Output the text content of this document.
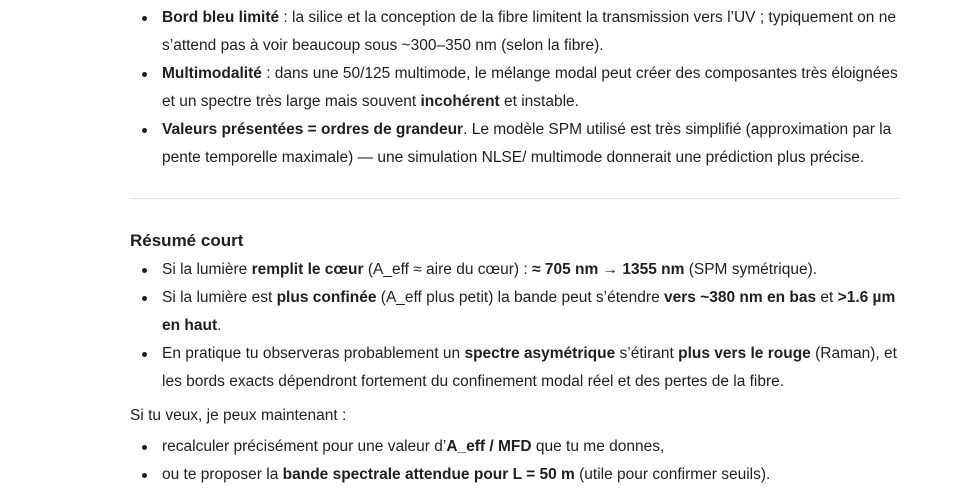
Bord bleu limité : la silice et la conception de la fibre limitent la transmission vers l’UV ; typiquement on ne s’attend pas à voir beaucoup sous ~300–350 nm (selon la fibre).
Multimodalité : dans une 50/125 multimode, le mélange modal peut créer des composantes très éloignées et un spectre très large mais souvent incohérent et instable.
Valeurs présentées = ordres de grandeur. Le modèle SPM utilisé est très simplifié (approximation par la pente temporelle maximale) — une simulation NLSE/ multimode donnerait une prédiction plus précise.
Résumé court
Si la lumière remplit le cœur (A_eff ≈ aire du cœur) : ≈ 705 nm → 1355 nm (SPM symétrique).
Si la lumière est plus confinée (A_eff plus petit) la bande peut s’étendre vers ~380 nm en bas et >1.6 µm en haut.
En pratique tu observeras probablement un spectre asymétrique s’étirant plus vers le rouge (Raman), et les bords exacts dépendront fortement du confinement modal réel et des pertes de la fibre.

Si tu veux, je peux maintenant :

recalculer précisément pour une valeur d’A_eff / MFD que tu me donnes,
ou te proposer la bande spectrale attendue pour L = 50 m (utile pour confirmer seuils).
